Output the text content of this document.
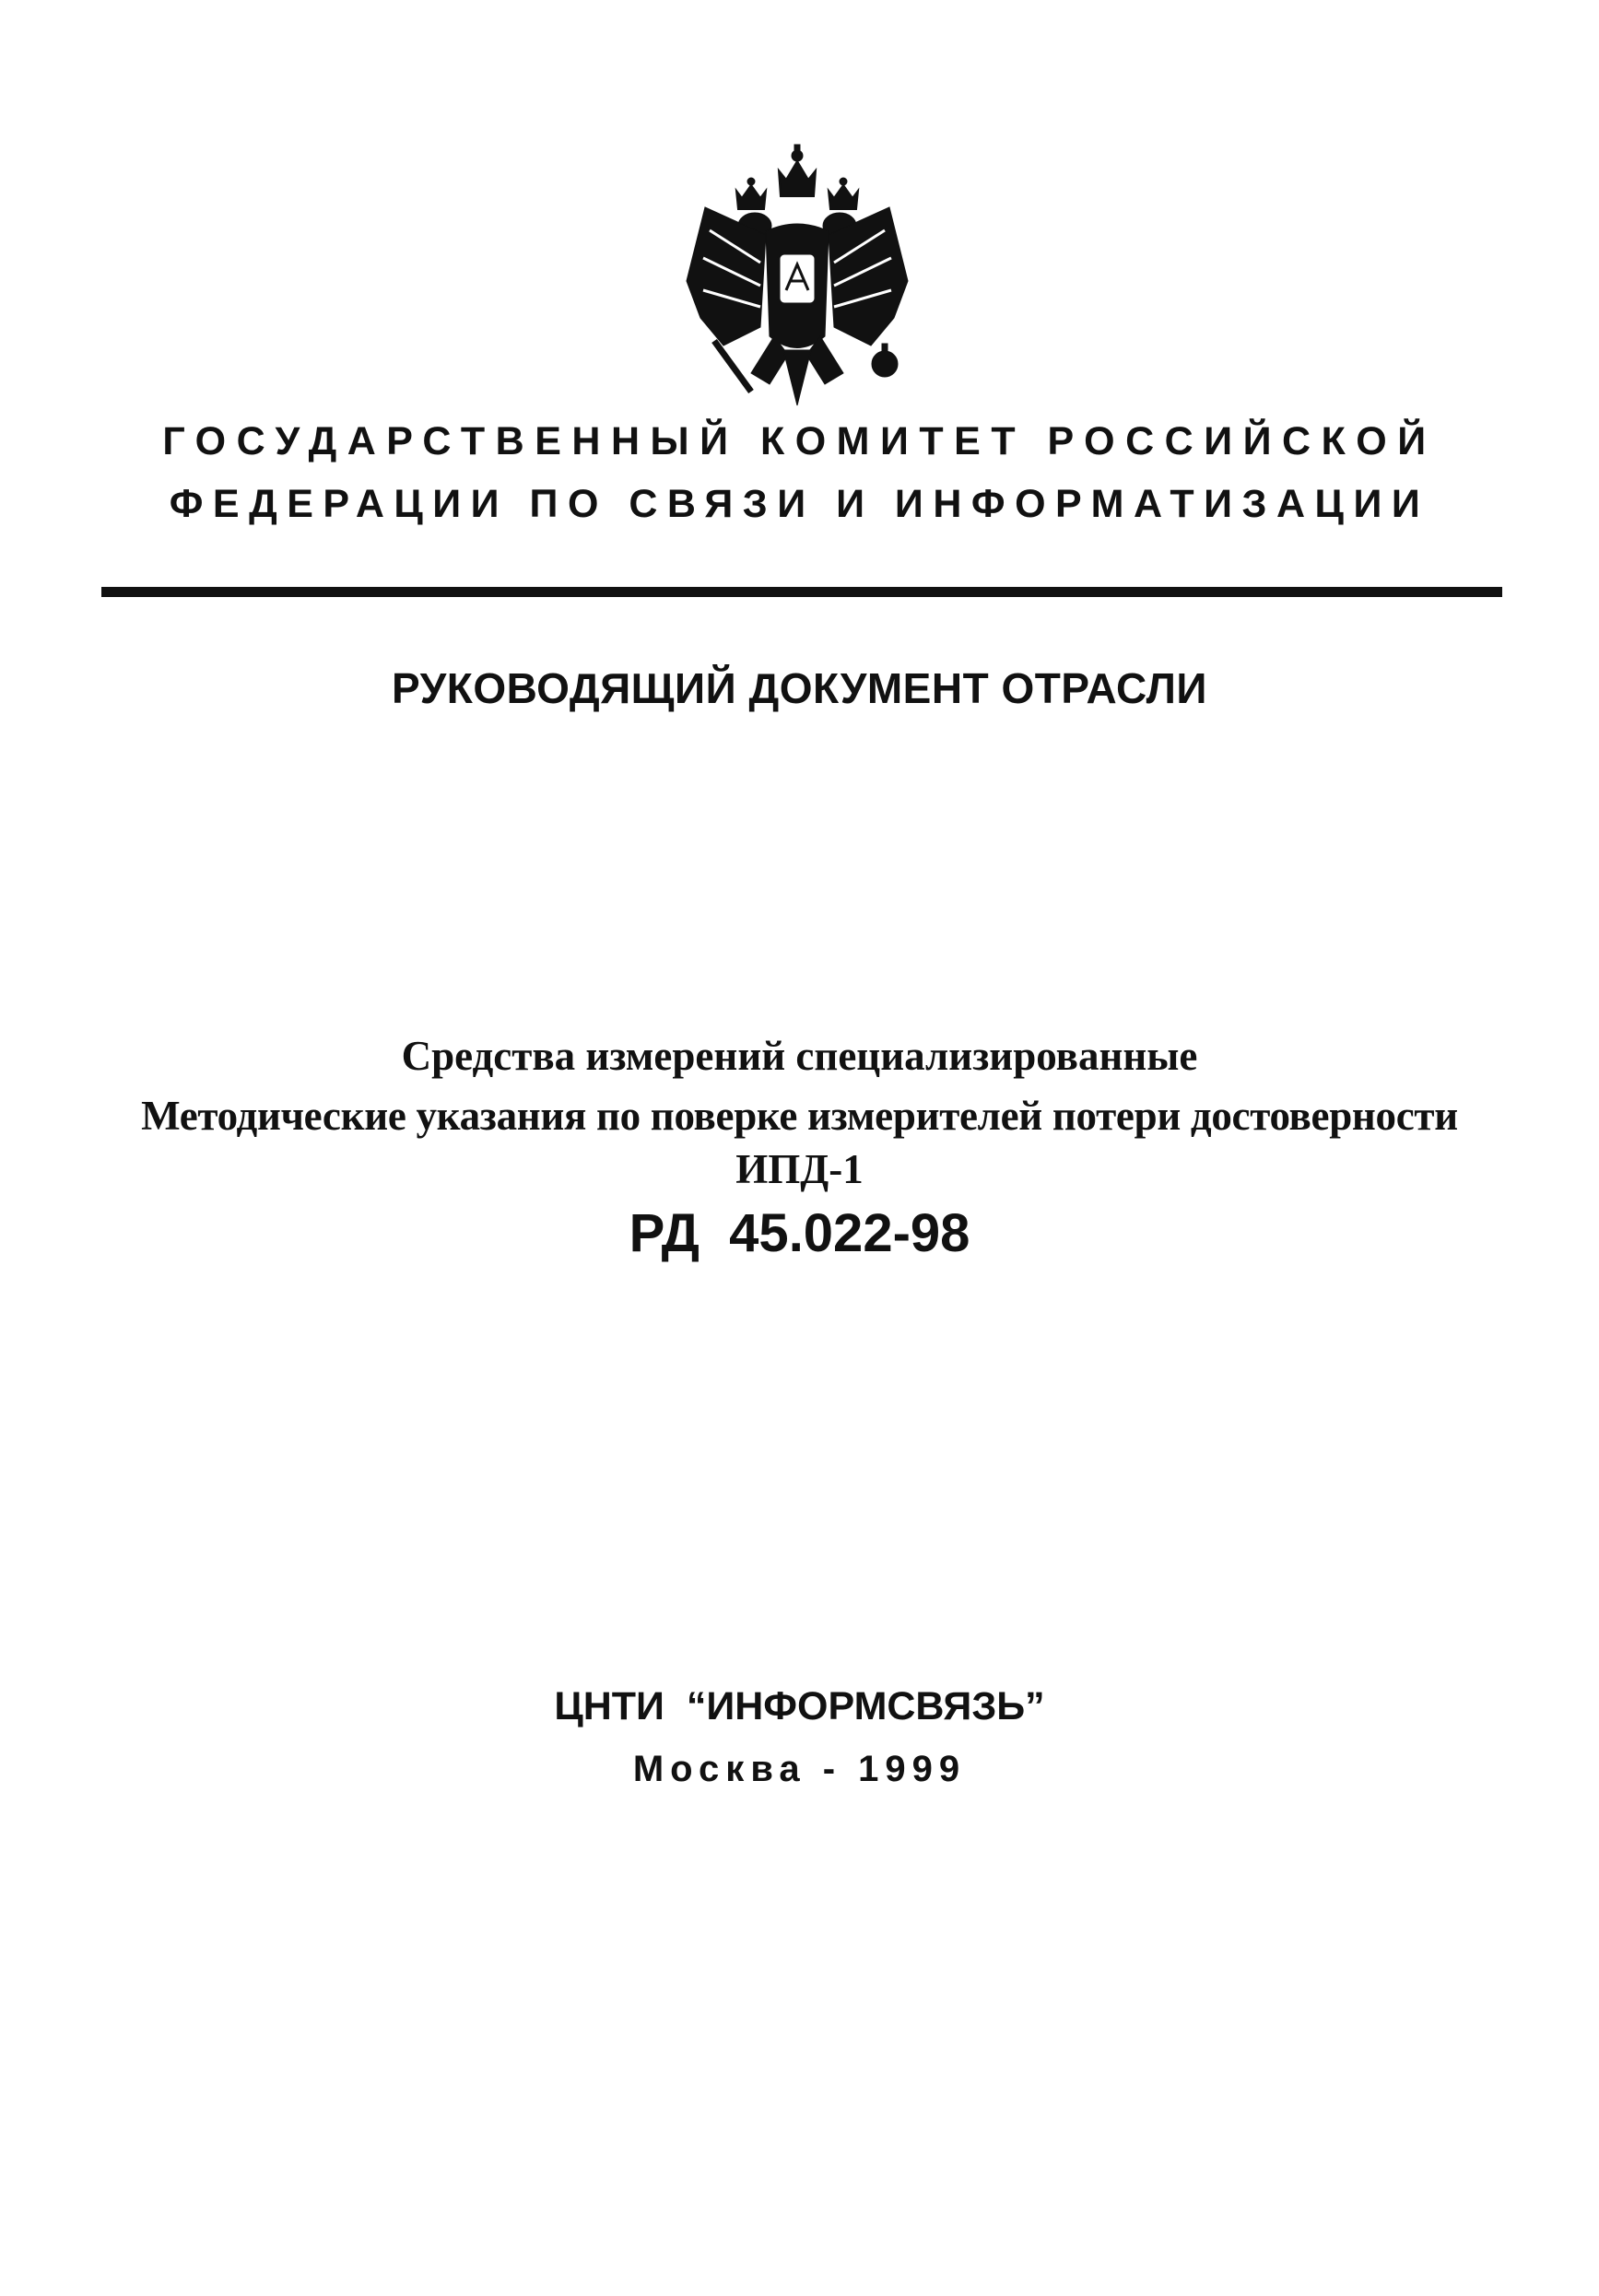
ГОСУДАРСТВЕННЫЙ КОМИТЕТ РОССИЙСКОЙ
ФЕДЕРАЦИИ ПО СВЯЗИ И ИНФОРМАТИЗАЦИИ
РУКОВОДЯЩИЙ ДОКУМЕНТ ОТРАСЛИ
Средства измерений специализированные
Методические указания по поверке измерителей потери достоверности
ИПД-1
РД  45.022-98
ЦНТИ  “ИНФОРМСВЯЗЬ”
Москва - 1999
